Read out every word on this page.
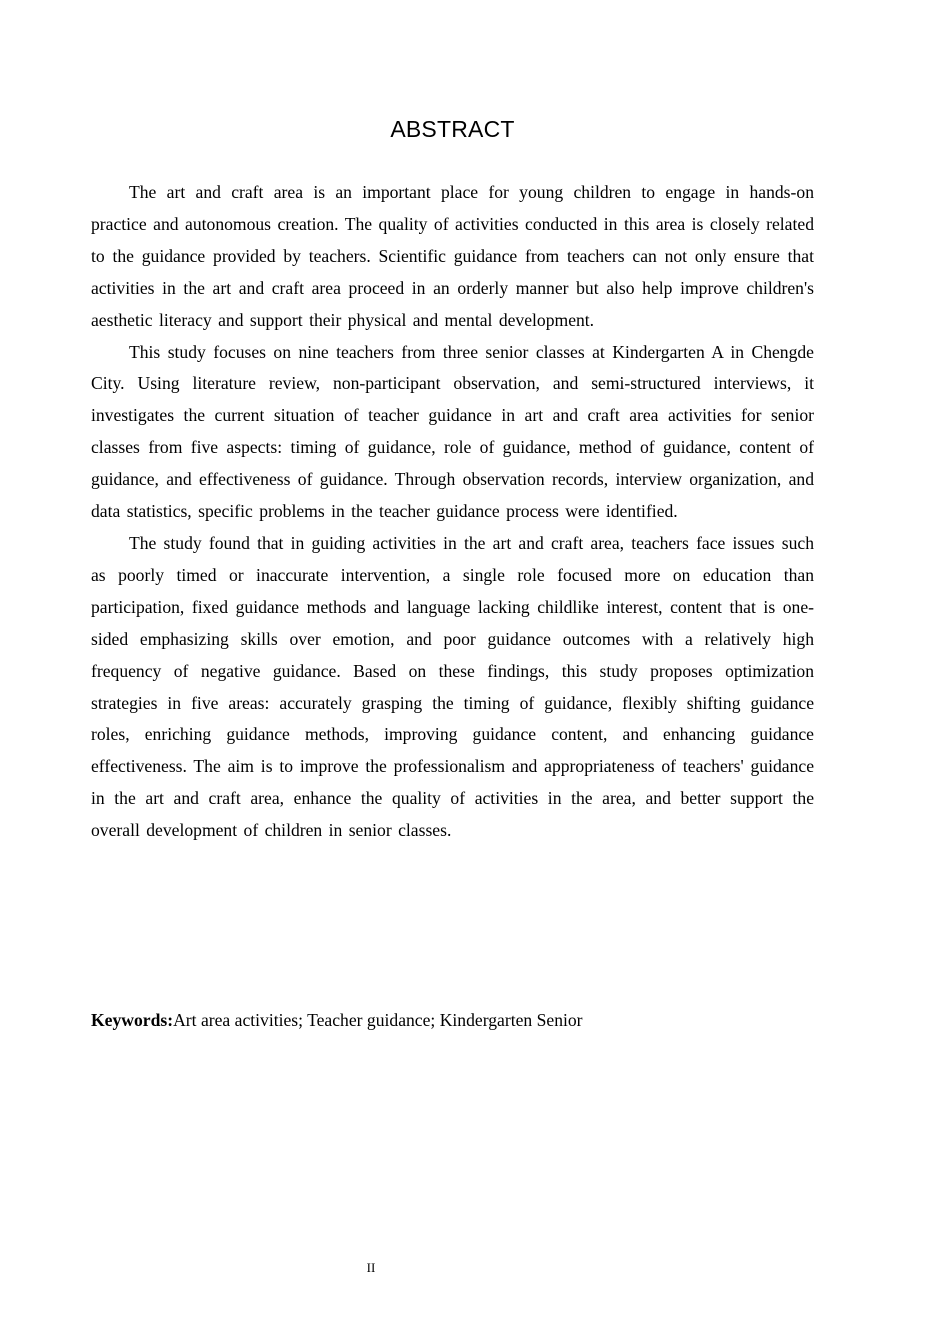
ABSTRACT

The art and craft area is an important place for young children to engage in hands-on practice and autonomous creation. The quality of activities conducted in this area is closely related to the guidance provided by teachers. Scientific guidance from teachers can not only ensure that activities in the art and craft area proceed in an orderly manner but also help improve children's aesthetic literacy and support their physical and mental development.

This study focuses on nine teachers from three senior classes at Kindergarten A in Chengde City. Using literature review, non-participant observation, and semi-structured interviews, it investigates the current situation of teacher guidance in art and craft area activities for senior classes from five aspects: timing of guidance, role of guidance, method of guidance, content of guidance, and effectiveness of guidance. Through observation records, interview organization, and data statistics, specific problems in the teacher guidance process were identified.

The study found that in guiding activities in the art and craft area, teachers face issues such as poorly timed or inaccurate intervention, a single role focused more on education than participation, fixed guidance methods and language lacking childlike interest, content that is one-sided emphasizing skills over emotion, and poor guidance outcomes with a relatively high frequency of negative guidance. Based on these findings, this study proposes optimization strategies in five areas: accurately grasping the timing of guidance, flexibly shifting guidance roles, enriching guidance methods, improving guidance content, and enhancing guidance effectiveness. The aim is to improve the professionalism and appropriateness of teachers' guidance in the art and craft area, enhance the quality of activities in the area, and better support the overall development of children in senior classes.

Keywords:Art area activities; Teacher guidance; Kindergarten Senior
II
